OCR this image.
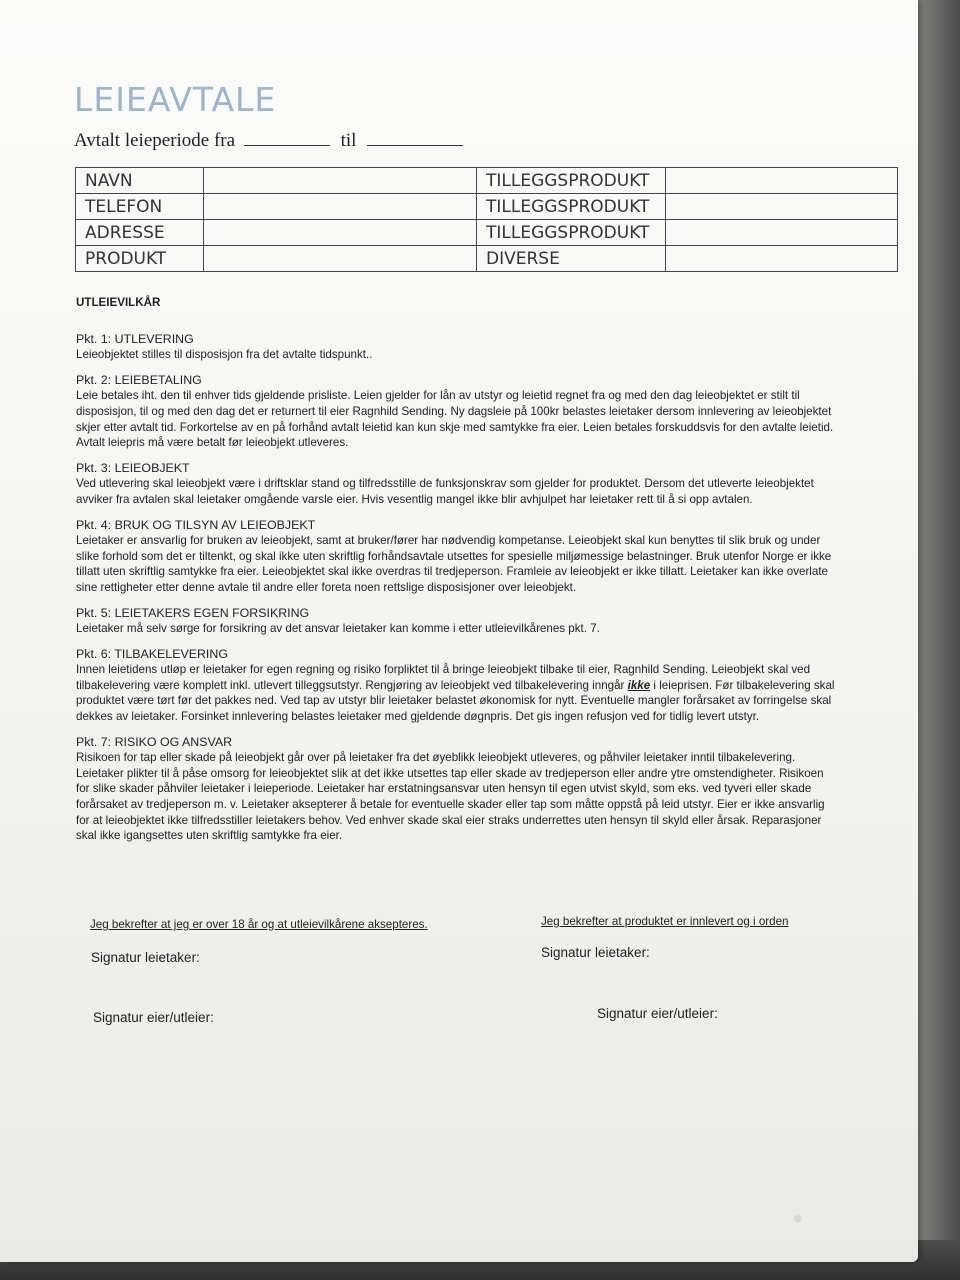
LEIEAVTALE
Avtalt leieperiode fra	til
NAVN		TILLEGGSPRODUKT	
TELEFON		TILLEGGSPRODUKT	
ADRESSE		TILLEGGSPRODUKT	
PRODUKT		DIVERSE	
UTLEIEVILKÅR
Pkt. 1: UTLEVERING
Leieobjektet stilles til disposisjon fra det avtalte tidspunkt..
Pkt. 2: LEIEBETALING
Leie betales iht. den til enhver tids gjeldende prisliste. Leien gjelder for lån av utstyr og leietid regnet fra og med den dag leieobjektet er stilt til disposisjon, til og med den dag det er returnert til eier Ragnhild Sending. Ny dagsleie på 100kr belastes leietaker dersom innlevering av leieobjektet skjer etter avtalt tid. Forkortelse av en på forhånd avtalt leietid kan kun skje med samtykke fra eier. Leien betales forskuddsvis for den avtalte leietid. Avtalt leiepris må være betalt før leieobjekt utleveres.
Pkt. 3: LEIEOBJEKT
Ved utlevering skal leieobjekt være i driftsklar stand og tilfredsstille de funksjonskrav som gjelder for produktet. Dersom det utleverte leieobjektet avviker fra avtalen skal leietaker omgående varsle eier. Hvis vesentlig mangel ikke blir avhjulpet har leietaker rett til å si opp avtalen.
Pkt. 4: BRUK OG TILSYN AV LEIEOBJEKT
Leietaker er ansvarlig for bruken av leieobjekt, samt at bruker/fører har nødvendig kompetanse. Leieobjekt skal kun benyttes til slik bruk og under slike forhold som det er tiltenkt, og skal ikke uten skriftlig forhåndsavtale utsettes for spesielle miljømessige belastninger. Bruk utenfor Norge er ikke tillatt uten skriftlig samtykke fra eier. Leieobjektet skal ikke overdras til tredjeperson. Framleie av leieobjekt er ikke tillatt. Leietaker kan ikke overlate sine rettigheter etter denne avtale til andre eller foreta noen rettslige disposisjoner over leieobjekt.
Pkt. 5: LEIETAKERS EGEN FORSIKRING
Leietaker må selv sørge for forsikring av det ansvar leietaker kan komme i etter utleievilkårenes pkt. 7.
Pkt. 6: TILBAKELEVERING
Innen leietidens utløp er leietaker for egen regning og risiko forpliktet til å bringe leieobjekt tilbake til eier, Ragnhild Sending. Leieobjekt skal ved tilbakelevering være komplett inkl. utlevert tilleggsutstyr. Rengjøring av leieobjekt ved tilbakelevering inngår ikke i leieprisen. Før tilbakelevering skal produktet være tørt før det pakkes ned. Ved tap av utstyr blir leietaker belastet økonomisk for nytt. Eventuelle mangler forårsaket av forringelse skal dekkes av leietaker. Forsinket innlevering belastes leietaker med gjeldende døgnpris. Det gis ingen refusjon ved for tidlig levert utstyr.
Pkt. 7: RISIKO OG ANSVAR
Risikoen for tap eller skade på leieobjekt går over på leietaker fra det øyeblikk leieobjekt utleveres, og påhviler leietaker inntil tilbakelevering. Leietaker plikter til å påse omsorg for leieobjektet slik at det ikke utsettes tap eller skade av tredjeperson eller andre ytre omstendigheter. Risikoen for slike skader påhviler leietaker i leieperiode. Leietaker har erstatningsansvar uten hensyn til egen utvist skyld, som eks. ved tyveri eller skade forårsaket av tredjeperson m. v. Leietaker aksepterer å betale for eventuelle skader eller tap som måtte oppstå på leid utstyr. Eier er ikke ansvarlig for at leieobjektet ikke tilfredsstiller leietakers behov. Ved enhver skade skal eier straks underrettes uten hensyn til skyld eller årsak. Reparasjoner skal ikke igangsettes uten skriftlig samtykke fra eier.
Jeg bekrefter at jeg er over 18 år og at utleievilkårene aksepteres.	Jeg bekrefter at produktet er innlevert og i orden
Signatur leietaker:	Signatur leietaker:
Signatur eier/utleier:	Signatur eier/utleier:
●
